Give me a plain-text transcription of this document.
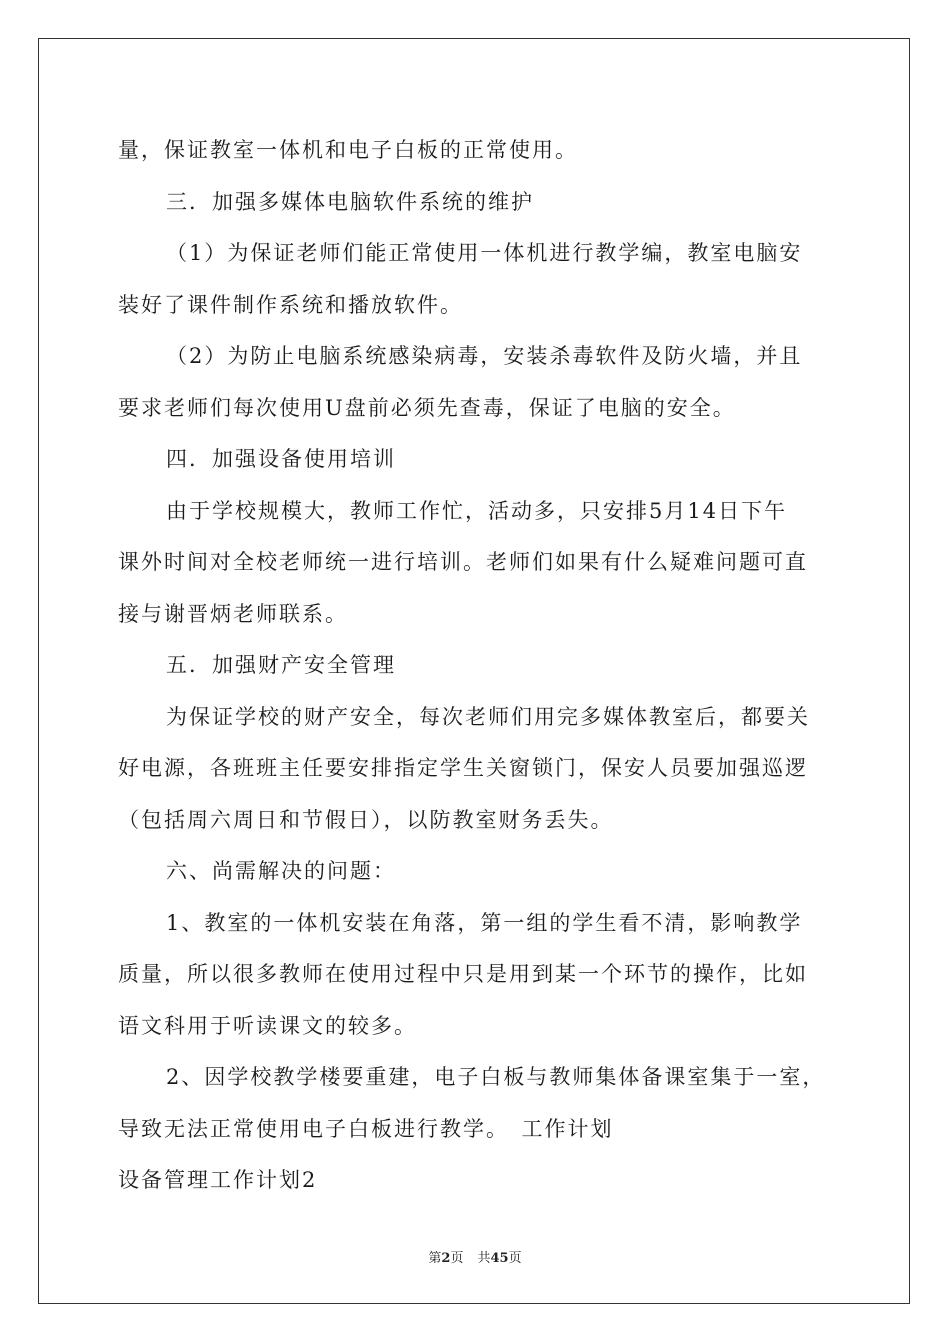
量，保证教室一体机和电子白板的正常使用。
三．加强多媒体电脑软件系统的维护
（1）为保证老师们能正常使用一体机进行教学编，教室电脑安
装好了课件制作系统和播放软件。
（2）为防止电脑系统感染病毒，安装杀毒软件及防火墙，并且
要求老师们每次使用U盘前必须先查毒，保证了电脑的安全。
四．加强设备使用培训
由于学校规模大，教师工作忙，活动多，只安排5月14日下午
课外时间对全校老师统一进行培训。老师们如果有什么疑难问题可直
接与谢晋炳老师联系。
五．加强财产安全管理
为保证学校的财产安全，每次老师们用完多媒体教室后，都要关
好电源，各班班主任要安排指定学生关窗锁门，保安人员要加强巡逻
（包括周六周日和节假日），以防教室财务丢失。
六、尚需解决的问题：
1、教室的一体机安装在角落，第一组的学生看不清，影响教学
质量，所以很多教师在使用过程中只是用到某一个环节的操作，比如
语文科用于听读课文的较多。
2、因学校教学楼要重建，电子白板与教师集体备课室集于一室，
导致无法正常使用电子白板进行教学。　工作计划
设备管理工作计划2
第2页 共45页
